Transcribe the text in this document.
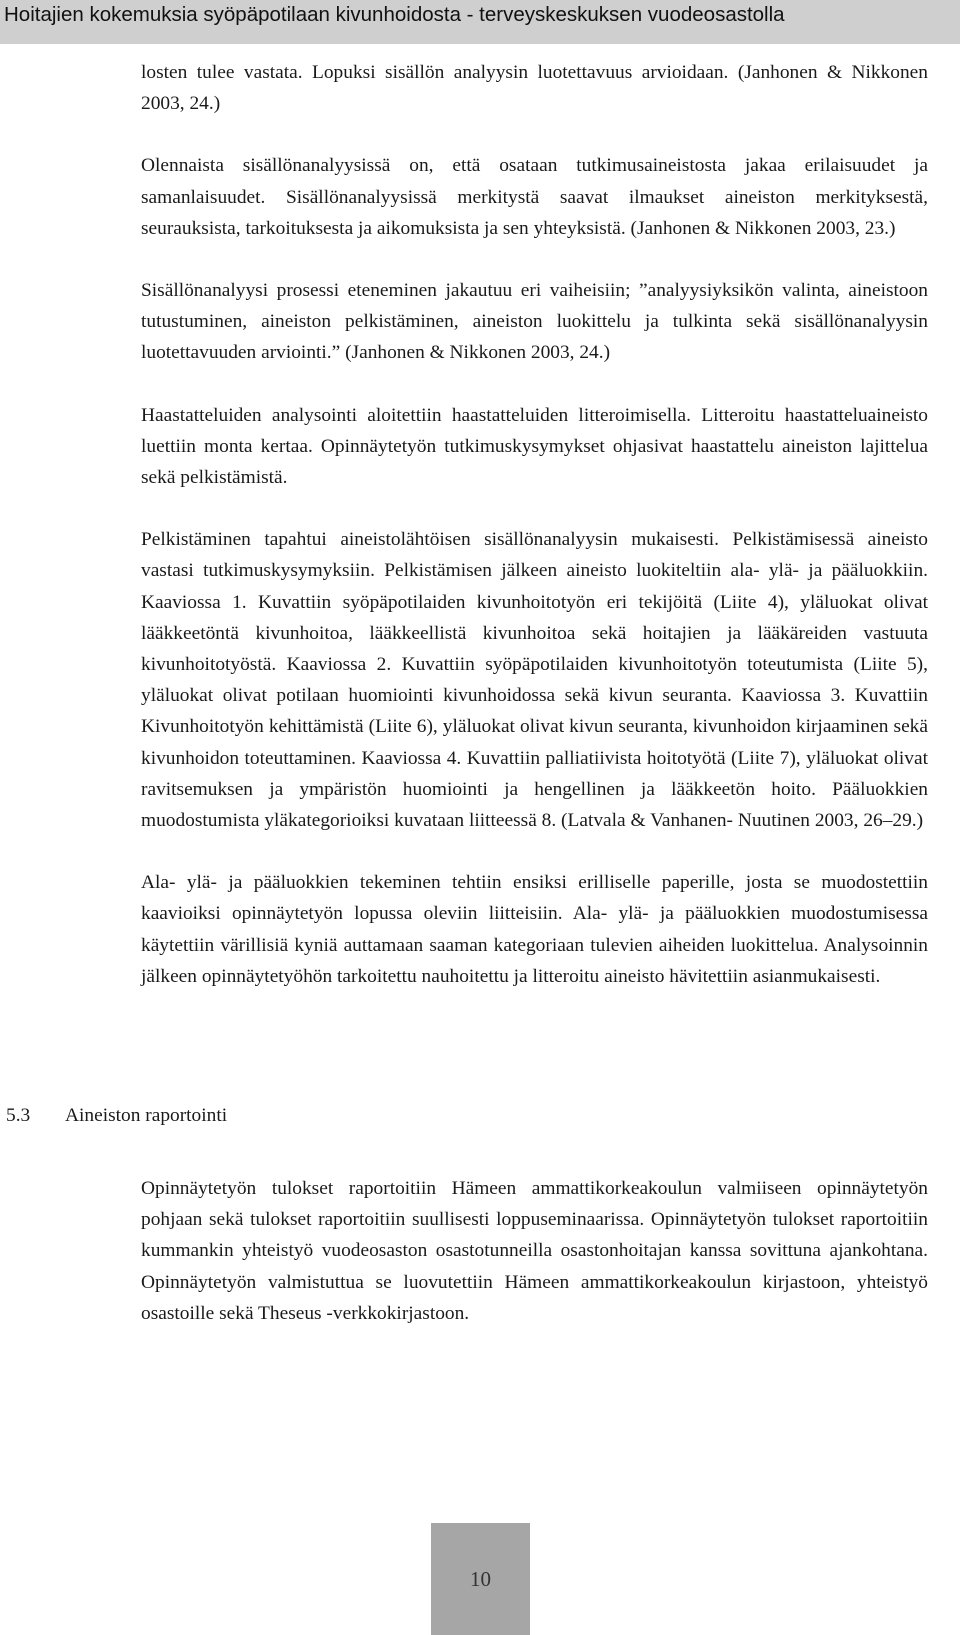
Hoitajien kokemuksia syöpäpotilaan kivunhoidosta - terveyskeskuksen vuodeosastolla

losten tulee vastata. Lopuksi sisällön analyysin luotettavuus arvioidaan. (Janhonen & Nikkonen 2003, 24.)

Olennaista sisällönanalyysissä on, että osataan tutkimusaineistosta jakaa erilaisuudet ja samanlaisuudet. Sisällönanalyysissä merkitystä saavat ilmaukset aineiston merkityksestä, seurauksista, tarkoituksesta ja aikomuksista ja sen yhteyksistä. (Janhonen & Nikkonen 2003, 23.)

Sisällönanalyysi prosessi eteneminen jakautuu eri vaiheisiin; ”analyysiyksikön valinta, aineistoon tutustuminen, aineiston pelkistäminen, aineiston luokittelu ja tulkinta sekä sisällönanalyysin luotettavuuden arviointi.” (Janhonen & Nikkonen 2003, 24.)

Haastatteluiden analysointi aloitettiin haastatteluiden litteroimisella. Litteroitu haastatteluaineisto luettiin monta kertaa. Opinnäytetyön tutkimuskysymykset ohjasivat haastattelu aineiston lajittelua sekä pelkistämistä.

Pelkistäminen tapahtui aineistolähtöisen sisällönanalyysin mukaisesti. Pelkistämisessä aineisto vastasi tutkimuskysymyksiin. Pelkistämisen jälkeen aineisto luokiteltiin ala- ylä- ja pääluokkiin. Kaaviossa 1. Kuvattiin syöpäpotilaiden kivunhoitotyön eri tekijöitä (Liite 4), yläluokat olivat lääkkeetöntä kivunhoitoa, lääkkeellistä kivunhoitoa sekä hoitajien ja lääkäreiden vastuuta kivunhoitotyöstä. Kaaviossa 2. Kuvattiin syöpäpotilaiden kivunhoitotyön toteutumista (Liite 5), yläluokat olivat potilaan huomiointi kivunhoidossa sekä kivun seuranta. Kaaviossa 3. Kuvattiin Kivunhoitotyön kehittämistä (Liite 6), yläluokat olivat kivun seuranta, kivunhoidon kirjaaminen sekä kivunhoidon toteuttaminen. Kaaviossa 4. Kuvattiin palliatiivista hoitotyötä (Liite 7), yläluokat olivat ravitsemuksen ja ympäristön huomiointi ja hengellinen ja lääkkeetön hoito. Pääluokkien muodostumista yläkategorioiksi kuvataan liitteessä 8. (Latvala & Vanhanen- Nuutinen 2003, 26–29.)

Ala- ylä- ja pääluokkien tekeminen tehtiin ensiksi erilliselle paperille, josta se muodostettiin kaavioiksi opinnäytetyön lopussa oleviin liitteisiin. Ala- ylä- ja pääluokkien muodostumisessa käytettiin värillisiä kyniä auttamaan saaman kategoriaan tulevien aiheiden luokittelua. Analysoinnin jälkeen opinnäytetyöhön tarkoitettu nauhoitettu ja litteroitu aineisto hävitettiin asianmukaisesti.

5.3 Aineiston raportointi

Opinnäytetyön tulokset raportoitiin Hämeen ammattikorkeakoulun valmiiseen opinnäytetyön pohjaan sekä tulokset raportoitiin suullisesti loppuseminaarissa. Opinnäytetyön tulokset raportoitiin kummankin yhteistyö vuodeosaston osastotunneilla osastonhoitajan kanssa sovittuna ajankohtana. Opinnäytetyön valmistuttua se luovutettiin Hämeen ammattikorkeakoulun kirjastoon, yhteistyö osastoille sekä Theseus -verkkokirjastoon.

10
